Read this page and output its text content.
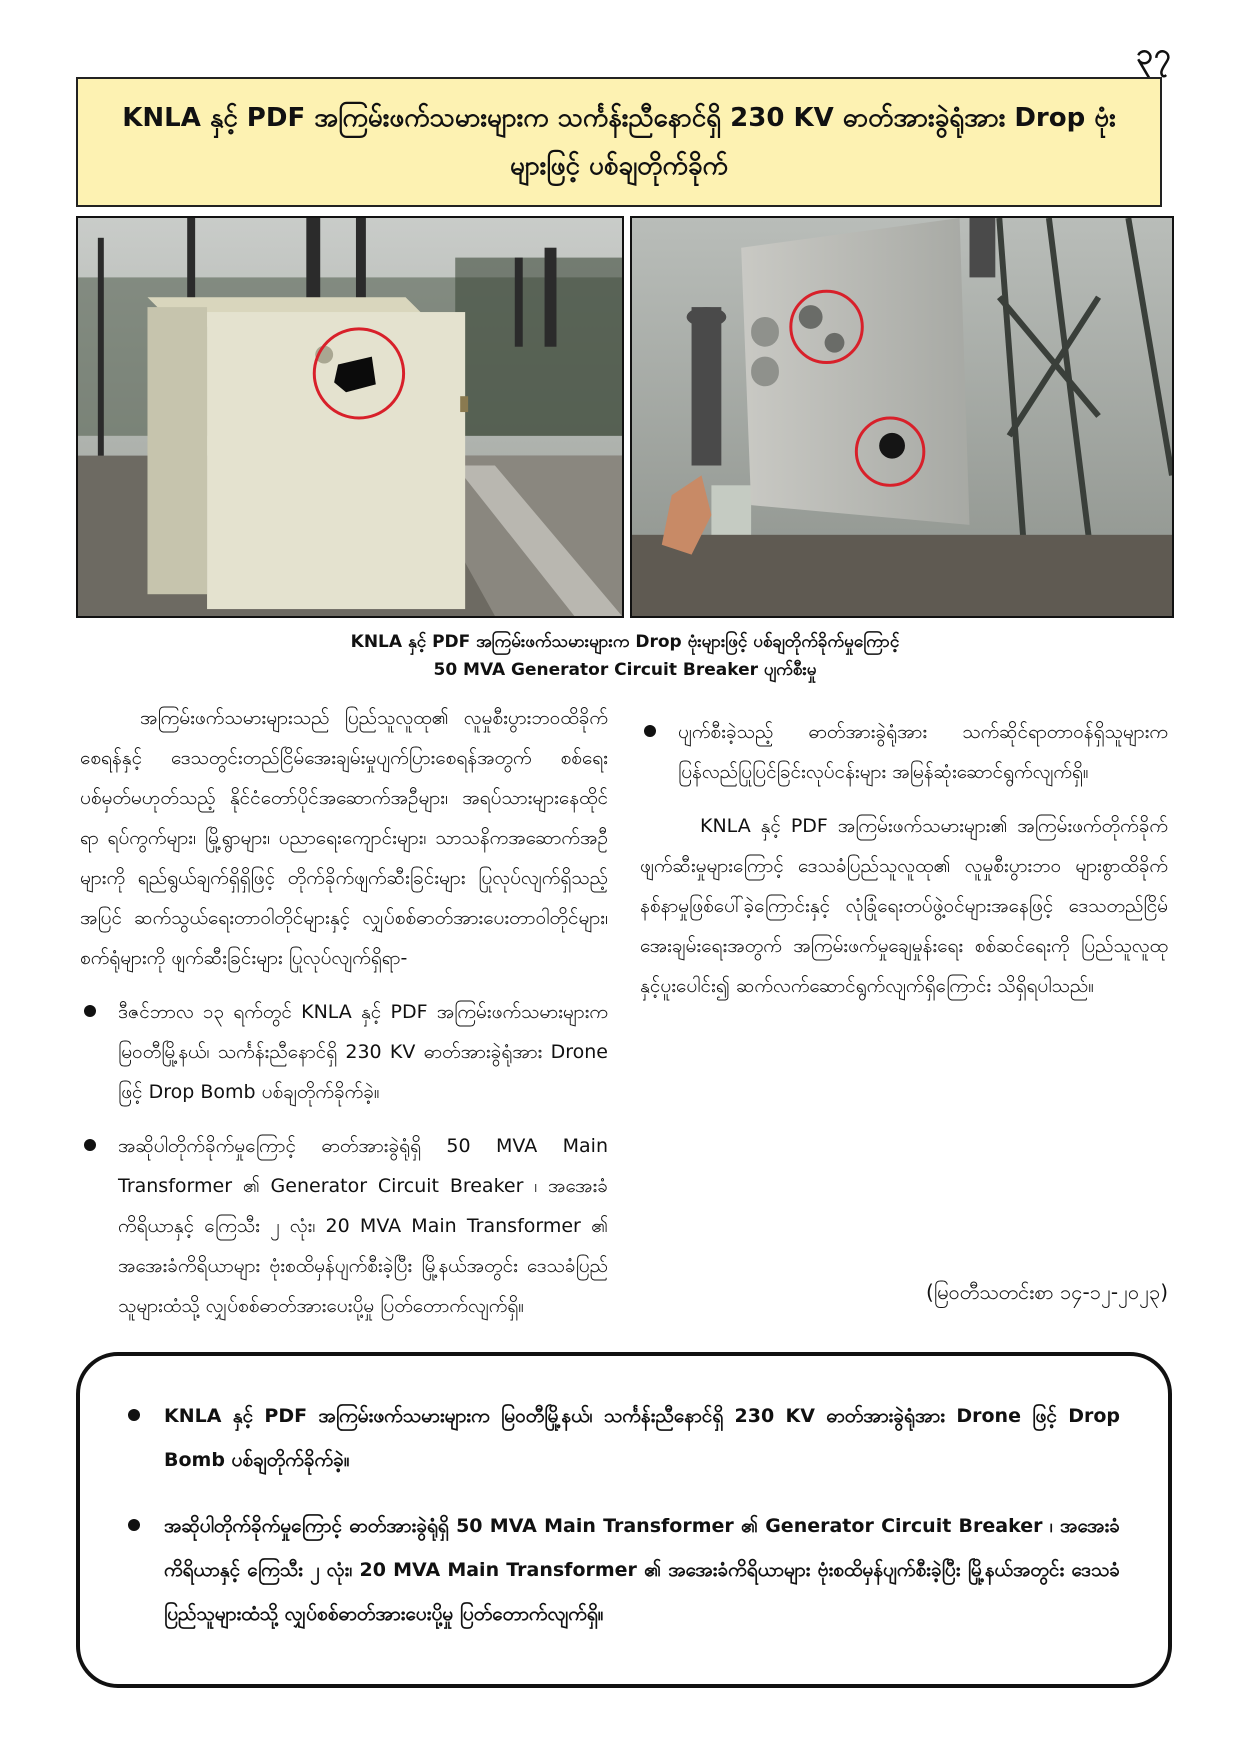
၃၇
KNLA နှင့် PDF အကြမ်းဖက်သမားများက သင်္ကန်းညီနောင်ရှိ 230 KV ဓာတ်အားခွဲရုံအား Drop ဗုံးများဖြင့် ပစ်ချတိုက်ခိုက်
KNLA နှင့် PDF အကြမ်းဖက်သမားများက Drop ဗုံးများဖြင့် ပစ်ချတိုက်ခိုက်မှုကြောင့်
50 MVA Generator Circuit Breaker ပျက်စီးမှု

အကြမ်းဖက်သမားများသည် ပြည်သူလူထု၏ လူမှုစီးပွားဘဝထိခိုက်စေရန်နှင့် ဒေသတွင်းတည်ငြိမ်အေးချမ်းမှုပျက်ပြားစေရန်အတွက် စစ်ရေးပစ်မှတ်မဟုတ်သည့် နိုင်ငံတော်ပိုင်အဆောက်အဦများ၊ အရပ်သားများနေထိုင်ရာ ရပ်ကွက်များ၊ မြို့ရွာများ၊ ပညာရေးကျောင်းများ၊ သာသနိကအဆောက်အဦများကို ရည်ရွယ်ချက်ရှိရှိဖြင့် တိုက်ခိုက်ဖျက်ဆီးခြင်းများ ပြုလုပ်လျက်ရှိသည့်အပြင် ဆက်သွယ်ရေးတာဝါတိုင်များနှင့် လျှပ်စစ်ဓာတ်အားပေးတာဝါတိုင်များ၊ စက်ရုံများကို ဖျက်ဆီးခြင်းများ ပြုလုပ်လျက်ရှိရာ-

ဒီဇင်ဘာလ ၁၃ ရက်တွင် KNLA နှင့် PDF အကြမ်းဖက်သမားများက မြဝတီမြို့နယ်၊ သင်္ကန်းညီနောင်ရှိ 230 KV ဓာတ်အားခွဲရုံအား Drone ဖြင့် Drop Bomb ပစ်ချတိုက်ခိုက်ခဲ့။
အဆိုပါတိုက်ခိုက်မှုကြောင့် ဓာတ်အားခွဲရုံရှိ 50 MVA Main Transformer ၏ Generator Circuit Breaker ၊ အအေးခံကိရိယာနှင့် ကြေသီး ၂ လုံး၊ 20 MVA Main Transformer ၏ အအေးခံကိရိယာများ ဗုံးစထိမှန်ပျက်စီးခဲ့ပြီး မြို့နယ်အတွင်း ဒေသခံပြည်သူများထံသို့ လျှပ်စစ်ဓာတ်အားပေးပို့မှု ပြတ်တောက်လျက်ရှိ။
ပျက်စီးခဲ့သည့် ဓာတ်အားခွဲရုံအား သက်ဆိုင်ရာတာဝန်ရှိသူများက ပြန်လည်ပြုပြင်ခြင်းလုပ်ငန်းများ အမြန်ဆုံးဆောင်ရွက်လျက်ရှိ။

KNLA နှင့် PDF အကြမ်းဖက်သမားများ၏ အကြမ်းဖက်တိုက်ခိုက်ဖျက်ဆီးမှုများကြောင့် ဒေသခံပြည်သူလူထု၏ လူမှုစီးပွားဘဝ များစွာထိခိုက်နစ်နာမှုဖြစ်ပေါ်ခဲ့ကြောင်းနှင့် လုံခြုံရေးတပ်ဖွဲ့ဝင်များအနေဖြင့် ဒေသတည်ငြိမ်အေးချမ်းရေးအတွက် အကြမ်းဖက်မှုချေမှုန်းရေး စစ်ဆင်ရေးကို ပြည်သူလူထုနှင့်ပူးပေါင်း၍ ဆက်လက်ဆောင်ရွက်လျက်ရှိကြောင်း သိရှိရပါသည်။

(မြဝတီသတင်းစာ ၁၄-၁၂-၂၀၂၃)
KNLA နှင့် PDF အကြမ်းဖက်သမားများက မြဝတီမြို့နယ်၊ သင်္ကန်းညီနောင်ရှိ 230 KV ဓာတ်အားခွဲရုံအား Drone ဖြင့် Drop Bomb ပစ်ချတိုက်ခိုက်ခဲ့။
အဆိုပါတိုက်ခိုက်မှုကြောင့် ဓာတ်အားခွဲရုံရှိ 50 MVA Main Transformer ၏ Generator Circuit Breaker ၊ အအေးခံကိရိယာနှင့် ကြေသီး ၂ လုံး၊ 20 MVA Main Transformer ၏ အအေးခံကိရိယာများ ဗုံးစထိမှန်ပျက်စီးခဲ့ပြီး မြို့နယ်အတွင်း ဒေသခံပြည်သူများထံသို့ လျှပ်စစ်ဓာတ်အားပေးပို့မှု ပြတ်တောက်လျက်ရှိ။
